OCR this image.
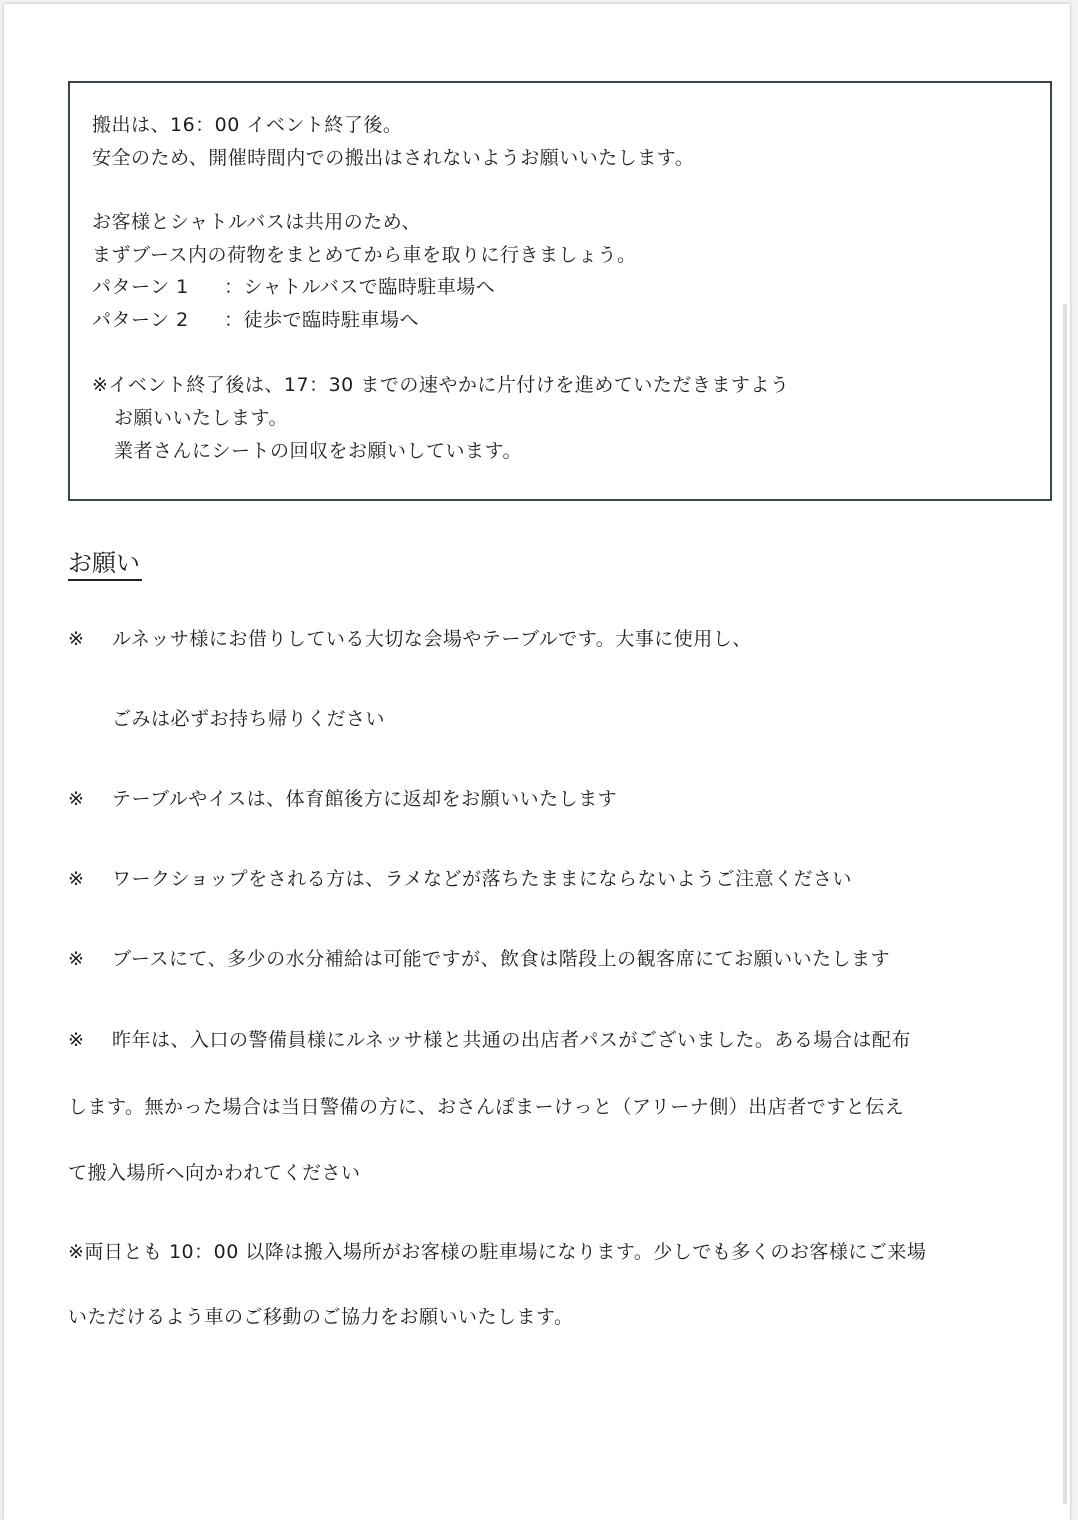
搬出は、16：00 イベント終了後。
安全のため、開催時間内での搬出はされないようお願いいたします。
お客様とシャトルバスは共用のため、
まずブース内の荷物をまとめてから車を取りに行きましょう。
パターン 1 ：シャトルバスで臨時駐車場へ
パターン 2 ：徒歩で臨時駐車場へ
※イベント終了後は、17：30 までの速やかに片付けを進めていただきますよう
お願いいたします。
業者さんにシートの回収をお願いしています。
お願い
※ ルネッサ様にお借りしている大切な会場やテーブルです。大事に使用し、
ごみは必ずお持ち帰りください
※ テーブルやイスは、体育館後方に返却をお願いいたします
※ ワークショップをされる方は、ラメなどが落ちたままにならないようご注意ください
※ ブースにて、多少の水分補給は可能ですが、飲食は階段上の観客席にてお願いいたします
※ 昨年は、入口の警備員様にルネッサ様と共通の出店者パスがございました。ある場合は配布
します。無かった場合は当日警備の方に、おさんぽまーけっと（アリーナ側）出店者ですと伝え
て搬入場所へ向かわれてください
※両日とも 10：00 以降は搬入場所がお客様の駐車場になります。少しでも多くのお客様にご来場
いただけるよう車のご移動のご協力をお願いいたします。
